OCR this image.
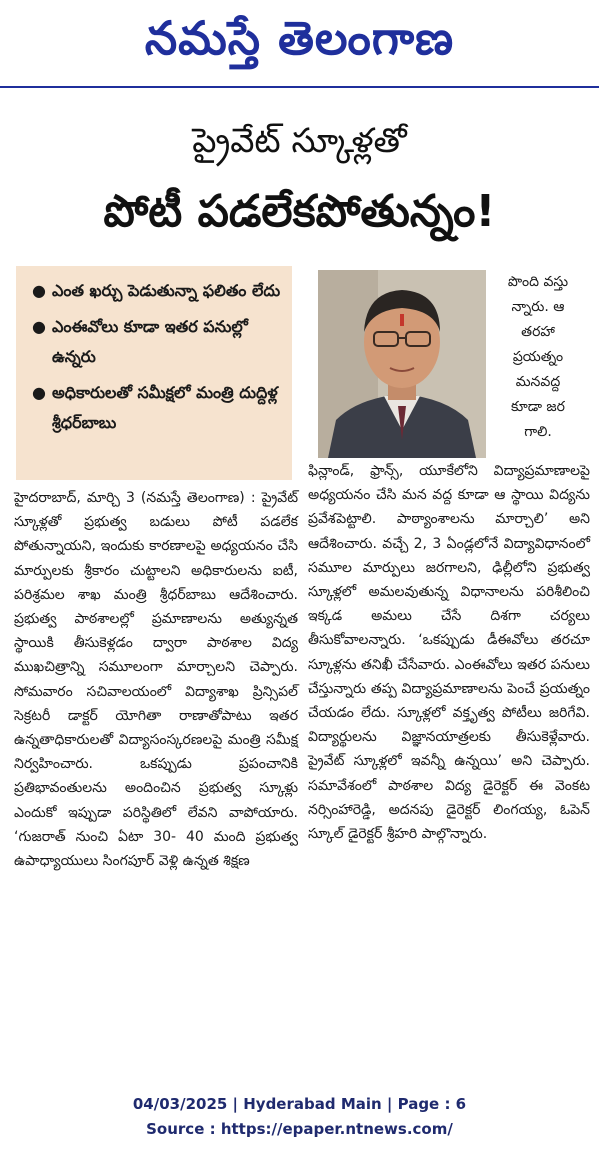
నమస్తే తెలంగాణ
ప్రైవేట్ స్కూళ్లతో
పోటీ పడలేకపోతున్నం!
● ఎంత ఖర్చు పెడుతున్నా ఫలితం లేదు
● ఎంఈవోలు కూడా ఇతర పనుల్లో ఉన్నరు
● అధికారులతో సమీక్షలో మంత్రి దుద్దిళ్ల శ్రీధర్‌బాబు
పొంది వస్తు
న్నారు. ఆ
తరహా
ప్రయత్నం
మనవద్ద
కూడా జర
గాలి.
హైదరాబాద్, మార్చి 3 (నమస్తే తెలంగాణ) : ప్రైవేట్ స్కూళ్లతో ప్రభుత్వ బడులు పోటీ పడలేక పోతున్నాయని, ఇందుకు కారణాలపై అధ్యయనం చేసి మార్పులకు శ్రీకారం చుట్టాలని అధికారులను ఐటీ, పరిశ్రమల శాఖ మంత్రి శ్రీధర్‌బాబు ఆదేశించారు. ప్రభుత్వ పాఠశాలల్లో ప్రమాణాలను అత్యున్నత స్థాయికి తీసుకెళ్లడం ద్వారా పాఠశాల విద్య ముఖచిత్రాన్ని సమూలంగా మార్చాలని చెప్పారు. సోమవారం సచివాలయంలో విద్యాశాఖ ప్రిన్సిపల్ సెక్రటరీ డాక్టర్ యోగితా రాణాతోపాటు ఇతర ఉన్నతాధికారులతో విద్యాసంస్కరణలపై మంత్రి సమీక్ష నిర్వహించారు. ఒకప్పుడు ప్రపంచానికి ప్రతిభావంతులను అందించిన ప్రభుత్వ స్కూళ్లు ఎందుకో ఇప్పుడా పరిస్థితిలో లేవని వాపోయారు. ‘గుజరాత్ నుంచి ఏటా 30- 40 మంది ప్రభుత్వ ఉపాధ్యాయులు సింగపూర్ వెళ్లి ఉన్నత శిక్షణ
ఫిన్లాండ్, ఫ్రాన్స్, యూకేలోని విద్యాప్రమాణాలపై అధ్యయనం చేసి మన వద్ద కూడా ఆ స్థాయి విద్యను ప్రవేశపెట్టాలి. పాఠ్యాంశాలను మార్చాలి’ అని ఆదేశించారు. వచ్చే 2, 3 ఏండ్లలోనే విద్యావిధానంలో సమూల మార్పులు జరగాలని, ఢిల్లీలోని ప్రభుత్వ స్కూళ్లలో అమలవుతున్న విధానాలను పరిశీలించి ఇక్కడ అమలు చేసే దిశగా చర్యలు తీసుకోవాలన్నారు. ‘ఒకప్పుడు డీఈవోలు తరచూ స్కూళ్లను తనిఖీ చేసేవారు. ఎంఈవోలు ఇతర పనులు చేస్తున్నారు తప్ప విద్యాప్రమాణాలను పెంచే ప్రయత్నం చేయడం లేదు. స్కూళ్లలో వక్తృత్వ పోటీలు జరిగేవి. విద్యార్థులను విజ్ఞానయాత్రలకు తీసుకెళ్లేవారు. ప్రైవేట్ స్కూళ్లలో ఇవన్నీ ఉన్నయి’ అని చెప్పారు. సమావేశంలో పాఠశాల విద్య డైరెక్టర్ ఈ వెంకట నర్సింహారెడ్డి, అదనపు డైరెక్టర్ లింగయ్య, ఓపెన్ స్కూల్ డైరెక్టర్ శ్రీహరి పాల్గొన్నారు.
04/03/2025 | Hyderabad Main | Page : 6
Source : https://epaper.ntnews.com/
